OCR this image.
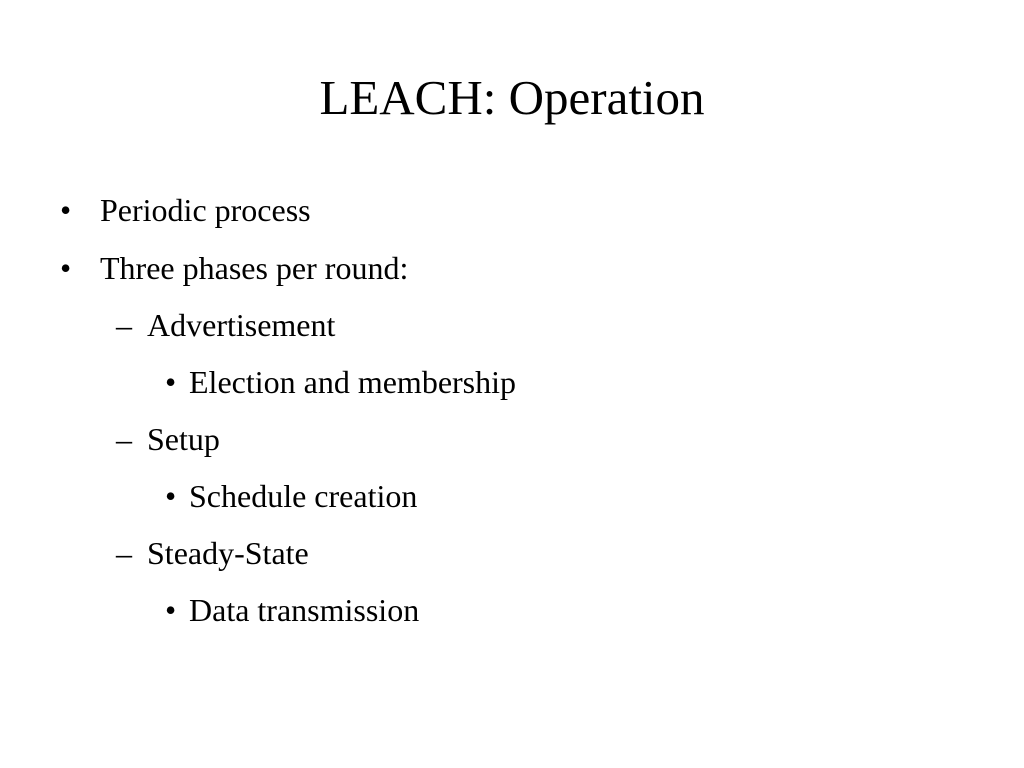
LEACH: Operation
• Periodic process
• Three phases per round:
– Advertisement
• Election and membership
– Setup
• Schedule creation
– Steady-State
• Data transmission
